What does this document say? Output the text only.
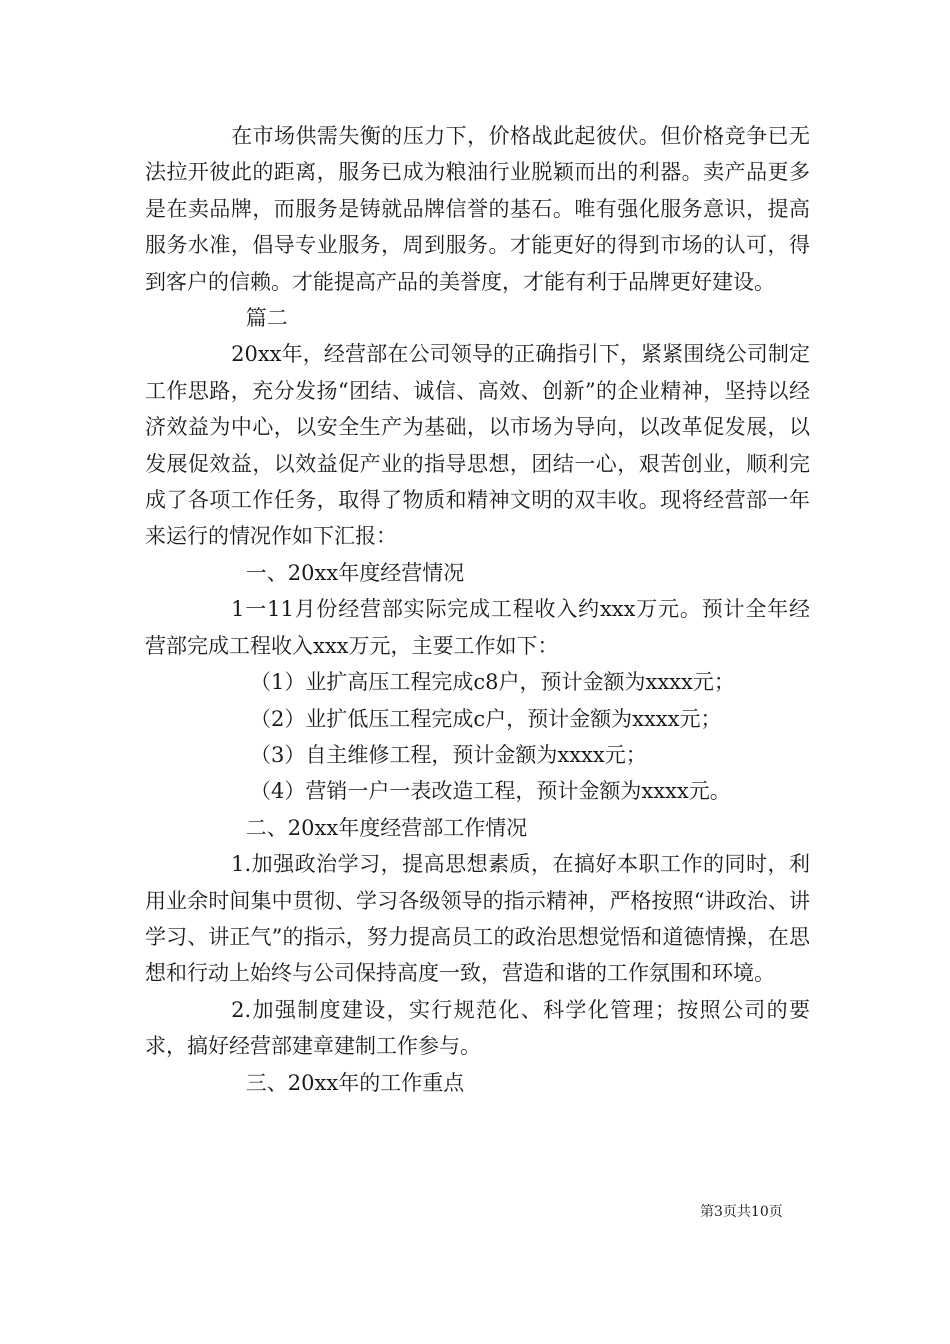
在市场供需失衡的压力下，价格战此起彼伏。但价格竞争已无法拉开彼此的距离，服务已成为粮油行业脱颖而出的利器。卖产品更多是在卖品牌，而服务是铸就品牌信誉的基石。唯有强化服务意识，提高服务水准，倡导专业服务，周到服务。才能更好的得到市场的认可，得到客户的信赖。才能提高产品的美誉度，才能有利于品牌更好建设。

篇二

20xx年，经营部在公司领导的正确指引下，紧紧围绕公司制定工作思路，充分发扬“团结、诚信、高效、创新”的企业精神，坚持以经济效益为中心，以安全生产为基础，以市场为导向，以改革促发展，以发展促效益，以效益促产业的指导思想，团结一心，艰苦创业，顺利完成了各项工作任务，取得了物质和精神文明的双丰收。现将经营部一年来运行的情况作如下汇报：

一、20xx年度经营情况

1一11月份经营部实际完成工程收入约xxx万元。预计全年经营部完成工程收入xxx万元，主要工作如下：

（1）业扩高压工程完成c8户，预计金额为xxxx元；

（2）业扩低压工程完成c户，预计金额为xxxx元；

（3）自主维修工程，预计金额为xxxx元；

（4）营销一户一表改造工程，预计金额为xxxx元。

二、20xx年度经营部工作情况

1.加强政治学习，提高思想素质，在搞好本职工作的同时，利用业余时间集中贯彻、学习各级领导的指示精神，严格按照“讲政治、讲学习、讲正气”的指示，努力提高员工的政治思想觉悟和道德情操，在思想和行动上始终与公司保持高度一致，营造和谐的工作氛围和环境。

2.加强制度建设，实行规范化、科学化管理；按照公司的要求，搞好经营部建章建制工作参与。

三、20xx年的工作重点

第3页共10页
